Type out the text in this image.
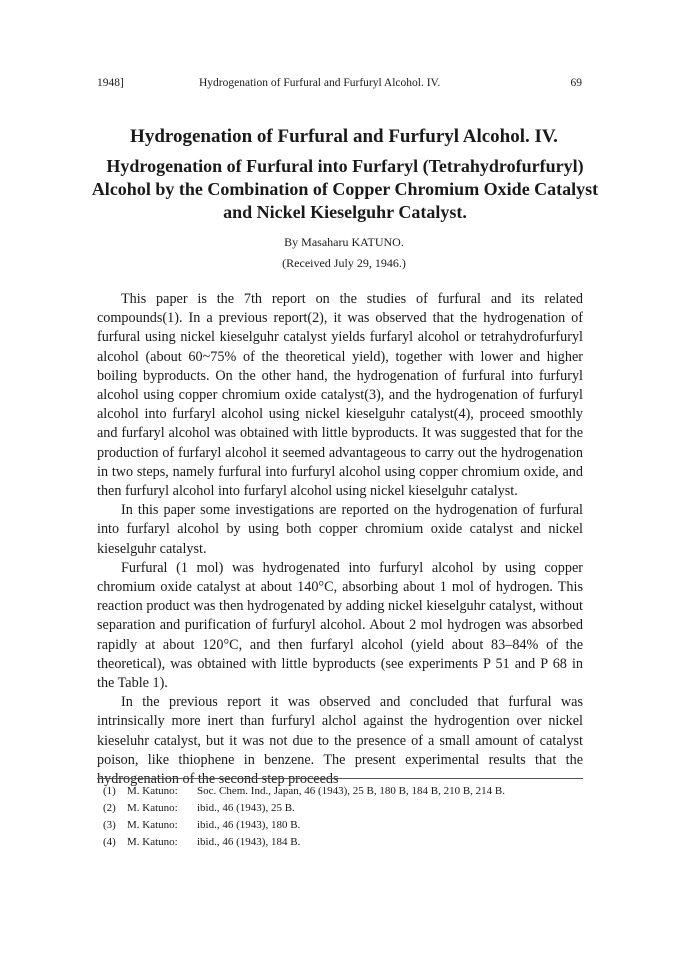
1948]	Hydrogenation of Furfural and Furfuryl Alcohol. IV.	69
Hydrogenation of Furfural and Furfuryl Alcohol. IV.
Hydrogenation of Furfural into Furfaryl (Tetrahydrofurfuryl) Alcohol by the Combination of Copper Chromium Oxide Catalyst and Nickel Kieselguhr Catalyst.
By Masaharu KATUNO.
(Received July 29, 1946.)

This paper is the 7th report on the studies of furfural and its related compounds(1). In a previous report(2), it was observed that the hydrogenation of furfural using nickel kieselguhr catalyst yields furfaryl alcohol or tetrahydrofurfuryl alcohol (about 60~75% of the theoretical yield), together with lower and higher boiling byproducts. On the other hand, the hydrogenation of furfural into furfuryl alcohol using copper chromium oxide catalyst(3), and the hydrogenation of furfuryl alcohol into furfaryl alcohol using nickel kieselguhr catalyst(4), proceed smoothly and furfaryl alcohol was obtained with little byproducts. It was suggested that for the production of furfaryl alcohol it seemed advantageous to carry out the hydrogenation in two steps, namely furfural into furfuryl alcohol using copper chromium oxide, and then furfuryl alcohol into furfaryl alcohol using nickel kieselguhr catalyst.

In this paper some investigations are reported on the hydrogenation of furfural into furfaryl alcohol by using both copper chromium oxide catalyst and nickel kieselguhr catalyst.

Furfural (1 mol) was hydrogenated into furfuryl alcohol by using copper chromium oxide catalyst at about 140°C, absorbing about 1 mol of hydrogen. This reaction product was then hydrogenated by adding nickel kieselguhr catalyst, without separation and purification of furfuryl alcohol. About 2 mol hydrogen was absorbed rapidly at about 120°C, and then furfaryl alcohol (yield about 83–84% of the theoretical), was obtained with little byproducts (see experiments P 51 and P 68 in the Table 1).

In the previous report it was observed and concluded that furfural was intrinsically more inert than furfuryl alchol against the hydrogention over nickel kieseluhr catalyst, but it was not due to the presence of a small amount of catalyst poison, like thiophene in benzene. The present experimental results that the hydrogenation of the second step proceeds

(1) M. Katuno: Soc. Chem. Ind., Japan, 46 (1943), 25 B, 180 B, 184 B, 210 B, 214 B.
(2) M. Katuno: ibid., 46 (1943), 25 B.
(3) M. Katuno: ibid., 46 (1943), 180 B.
(4) M. Katuno: ibid., 46 (1943), 184 B.
